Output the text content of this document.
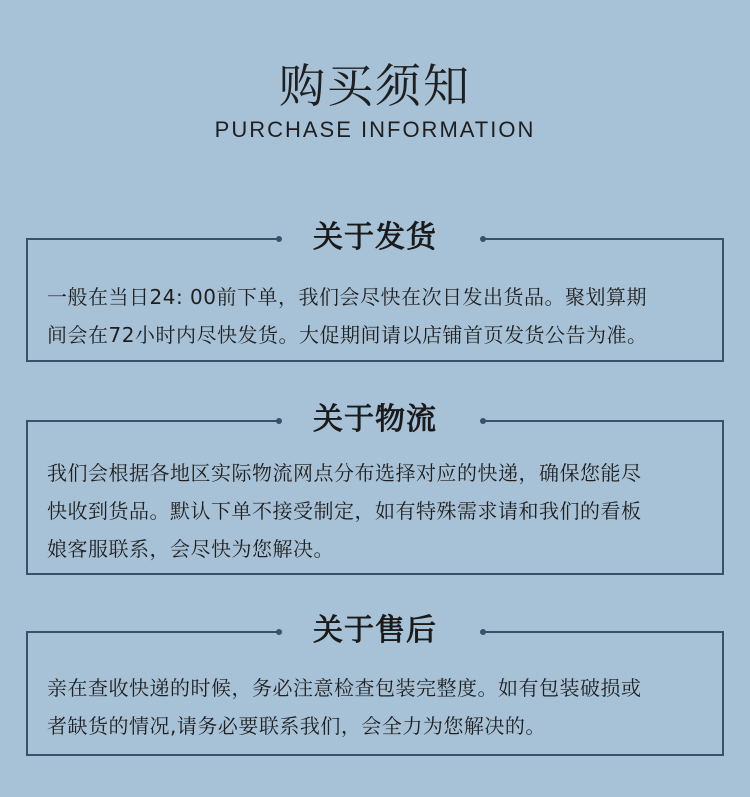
购买须知
PURCHASE INFORMATION
关于发货
一般在当日24: 00前下单，我们会尽快在次日发出货品。聚划算期
间会在72小时内尽快发货。大促期间请以店铺首页发货公告为准。
关于物流
我们会根据各地区实际物流网点分布选择对应的快递，确保您能尽
快收到货品。默认下单不接受制定，如有特殊需求请和我们的看板
娘客服联系，会尽快为您解决。
关于售后
亲在查收快递的时候，务必注意检查包装完整度。如有包装破损或
者缺货的情况,请务必要联系我们，会全力为您解决的。
